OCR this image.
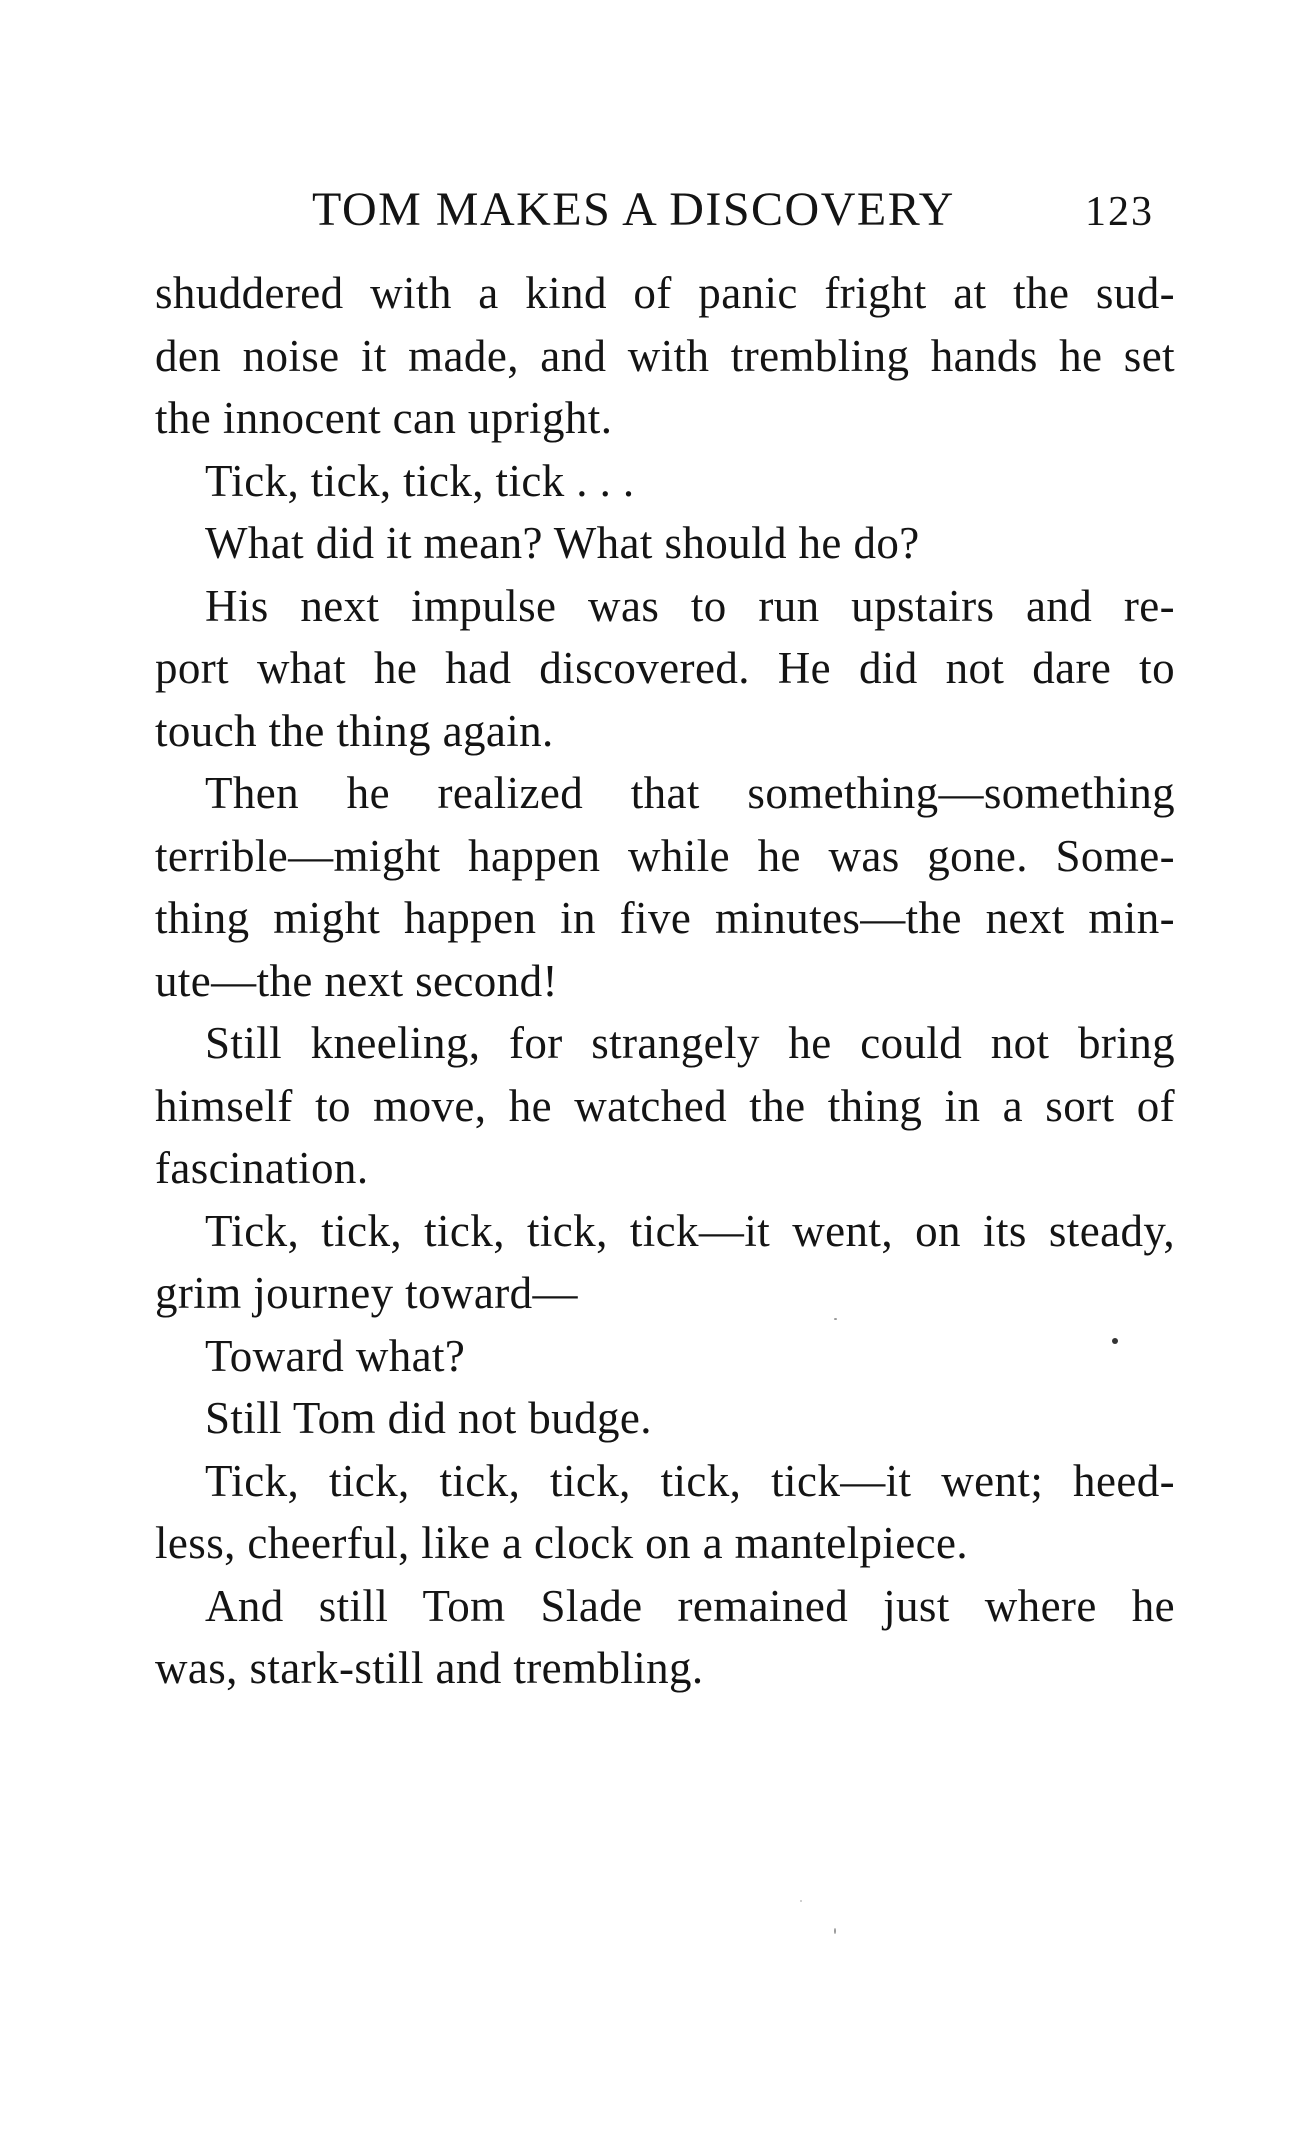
TOM MAKES A DISCOVERY	123
shuddered with a kind of panic fright at the sud-
den noise it made, and with trembling hands he set
the innocent can upright.
Tick, tick, tick, tick . . .
What did it mean? What should he do?
His next impulse was to run upstairs and re-
port what he had discovered. He did not dare to
touch the thing again.
Then he realized that something—something
terrible—might happen while he was gone. Some-
thing might happen in five minutes—the next min-
ute—the next second!
Still kneeling, for strangely he could not bring
himself to move, he watched the thing in a sort of
fascination.
Tick, tick, tick, tick, tick—it went, on its steady,
grim journey toward—
Toward what?
Still Tom did not budge.
Tick, tick, tick, tick, tick, tick—it went; heed-
less, cheerful, like a clock on a mantelpiece.
And still Tom Slade remained just where he
was, stark-still and trembling.
